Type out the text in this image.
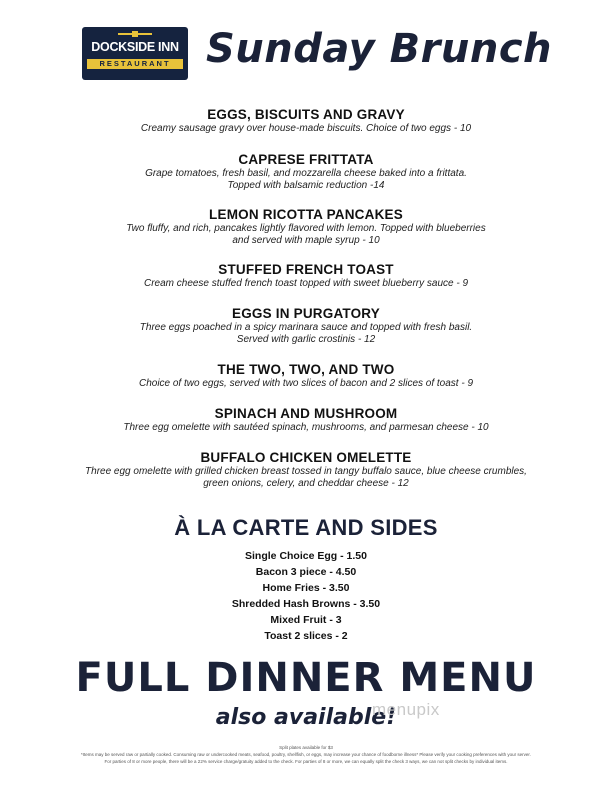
DOCKSIDE INN
RESTAURANT Sunday Brunch
EGGS, BISCUITS AND GRAVY
Creamy sausage gravy over house-made biscuits. Choice of two eggs - 10
CAPRESE FRITTATA
Grape tomatoes, fresh basil, and mozzarella cheese baked into a frittata.
Topped with balsamic reduction -14
LEMON RICOTTA PANCAKES
Two fluffy, and rich, pancakes lightly flavored with lemon. Topped with blueberries
and served with maple syrup - 10
STUFFED FRENCH TOAST
Cream cheese stuffed french toast topped with sweet blueberry sauce - 9
EGGS IN PURGATORY
Three eggs poached in a spicy marinara sauce and topped with fresh basil.
Served with garlic crostinis - 12
THE TWO, TWO, AND TWO
Choice of two eggs, served with two slices of bacon and 2 slices of toast - 9
SPINACH AND MUSHROOM
Three egg omelette with sautéed spinach, mushrooms, and parmesan cheese - 10
BUFFALO CHICKEN OMELETTE
Three egg omelette with grilled chicken breast tossed in tangy buffalo sauce, blue cheese crumbles,
green onions, celery, and cheddar cheese - 12
À LA CARTE AND SIDES
Single Choice Egg - 1.50
Bacon 3 piece - 4.50
Home Fries - 3.50
Shredded Hash Browns - 3.50
Mixed Fruit - 3
Toast 2 slices - 2
FULL DINNER MENU
also available!
menupix
Split plates available for $3
*Items may be served raw or partially cooked. Consuming raw or undercooked meats, seafood, poultry, shellfish, or eggs, may increase your chance of foodborne illness* Please verify your cooking preferences with your server.
For parties of 8 or more people, there will be a 22% service charge/gratuity added to the check. For parties of 8 or more, we can equally split the check 3 ways, we can not split checks by individual items.
